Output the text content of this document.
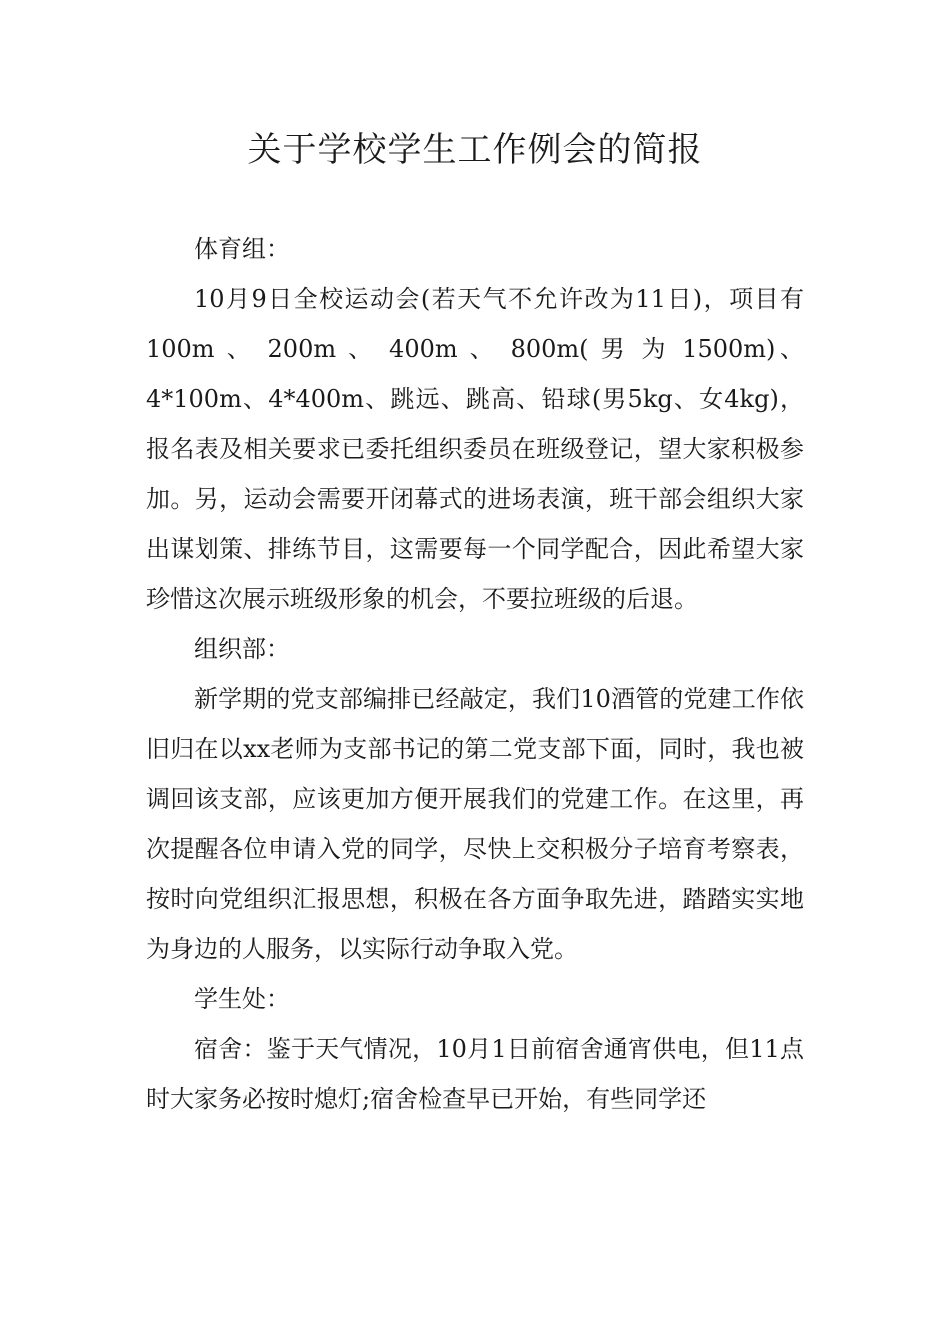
关于学校学生工作例会的简报

体育组：

10月9日全校运动会(若天气不允许改为11日)，项目有 100m 、 200m 、 400m 、 800m( 男 为 1500m)、4*100m、4*400m、跳远、跳高、铅球(男5kg、女4kg)，报名表及相关要求已委托组织委员在班级登记，望大家积极参加。另，运动会需要开闭幕式的进场表演，班干部会组织大家出谋划策、排练节目，这需要每一个同学配合，因此希望大家珍惜这次展示班级形象的机会，不要拉班级的后退。

组织部：

新学期的党支部编排已经敲定，我们10酒管的党建工作依旧归在以xx老师为支部书记的第二党支部下面，同时，我也被调回该支部，应该更加方便开展我们的党建工作。在这里，再次提醒各位申请入党的同学，尽快上交积极分子培育考察表，按时向党组织汇报思想，积极在各方面争取先进，踏踏实实地为身边的人服务，以实际行动争取入党。

学生处：

宿舍：鉴于天气情况，10月1日前宿舍通宵供电，但11点时大家务必按时熄灯;宿舍检查早已开始，有些同学还
